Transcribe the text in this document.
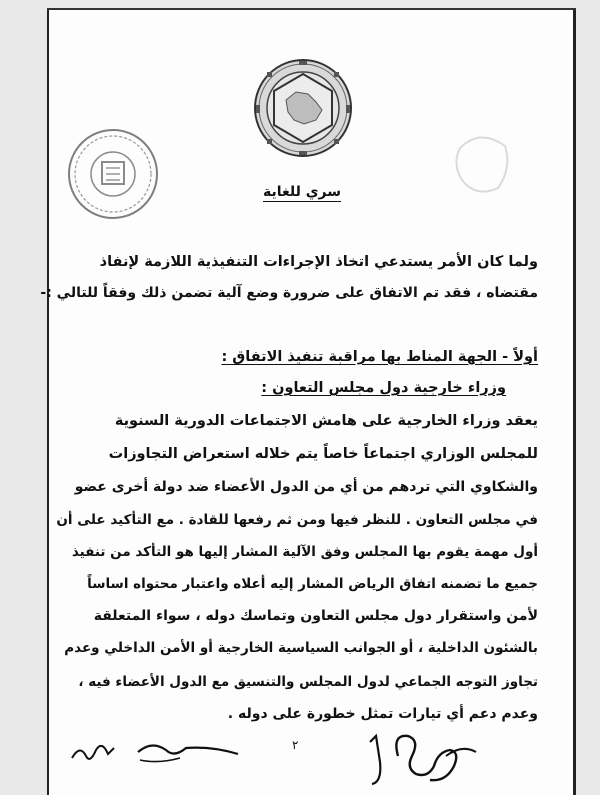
سري للغاية
ولما كان الأمر يستدعي اتخاذ الإجراءات التنفيذية اللازمة لإنفاذ
مقتضاه ، فقد تم الاتفاق على ضرورة وضع آلية تضمن ذلك وفقاً للتالي :-
أولاً - الجهة المناط بها مراقبة تنفيذ الاتفاق :
وزراء خارجية دول مجلس التعاون :
يعقد وزراء الخارجية على هامش الاجتماعات الدورية السنوية
للمجلس الوزاري اجتماعاً خاصاً يتم خلاله استعراض التجاوزات
والشكاوي التي تردهم من أي من الدول الأعضاء ضد دولة أخرى عضو
في مجلس التعاون . للنظر فيها ومن ثم رفعها للقادة . مع التأكيد على أن
أول مهمة يقوم بها المجلس وفق الآلية المشار إليها هو التأكد من تنفيذ
جميع ما تضمنه اتفاق الرياض المشار إليه أعلاه واعتبار محتواه اساساً
لأمن واستقرار دول مجلس التعاون وتماسك دوله ، سواء المتعلقة
بالشئون الداخلية ، أو الجوانب السياسية الخارجية أو الأمن الداخلي وعدم
تجاوز التوجه الجماعي لدول المجلس والتنسيق مع الدول الأعضاء فيه ،
وعدم دعم أي تيارات تمثل خطورة على دوله .
٢
